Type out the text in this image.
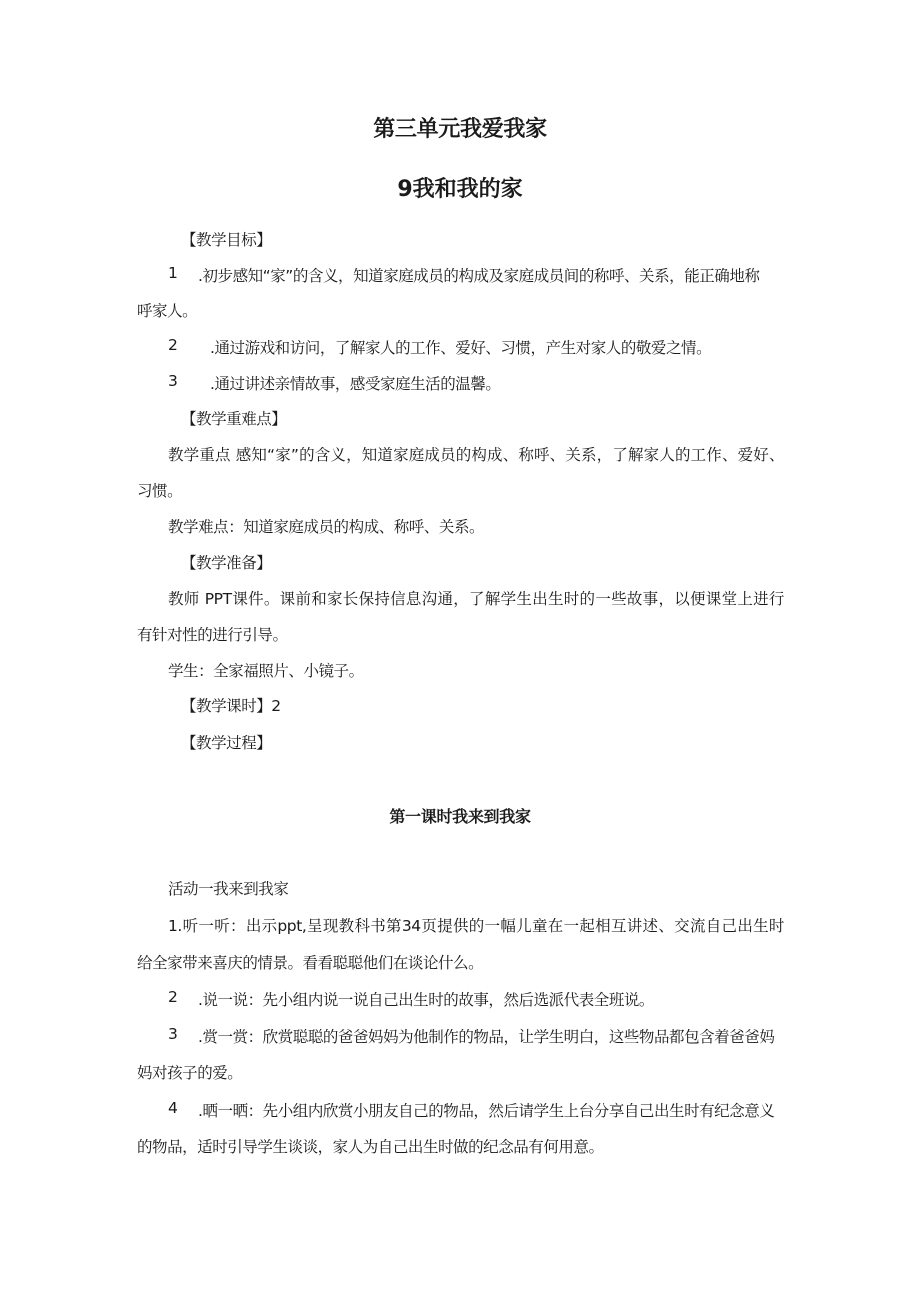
第三单元我爱我家
9我和我的家

【教学目标】

1	.初步感知“家”的含义，知道家庭成员的构成及家庭成员间的称呼、关系，能正确地称

呼家人。

2	.通过游戏和访问，了解家人的工作、爱好、习惯，产生对家人的敬爱之情。
3	.通过讲述亲情故事，感受家庭生活的温馨。

【教学重难点】

教学重点 感知“家”的含义，知道家庭成员的构成、称呼、关系，了解家人的工作、爱好、

习惯。

教学难点：知道家庭成员的构成、称呼、关系。

【教学准备】

教师 PPT课件。课前和家长保持信息沟通，了解学生出生时的一些故事，以便课堂上进行

有针对性的进行引导。

学生：全家福照片、小镜子。

【教学课时】2

【教学过程】

第一课时我来到我家

活动一我来到我家

1.听一听：出示ppt,呈现教科书第34页提供的一幅儿童在一起相互讲述、交流自己出生时

给全家带来喜庆的情景。看看聪聪他们在谈论什么。

2	.说一说：先小组内说一说自己出生时的故事，然后选派代表全班说。
3	.赏一赏：欣赏聪聪的爸爸妈妈为他制作的物品，让学生明白，这些物品都包含着爸爸妈

妈对孩子的爱。

4	.晒一晒：先小组内欣赏小朋友自己的物品，然后请学生上台分享自己出生时有纪念意义

的物品，适时引导学生谈谈，家人为自己出生时做的纪念品有何用意。
